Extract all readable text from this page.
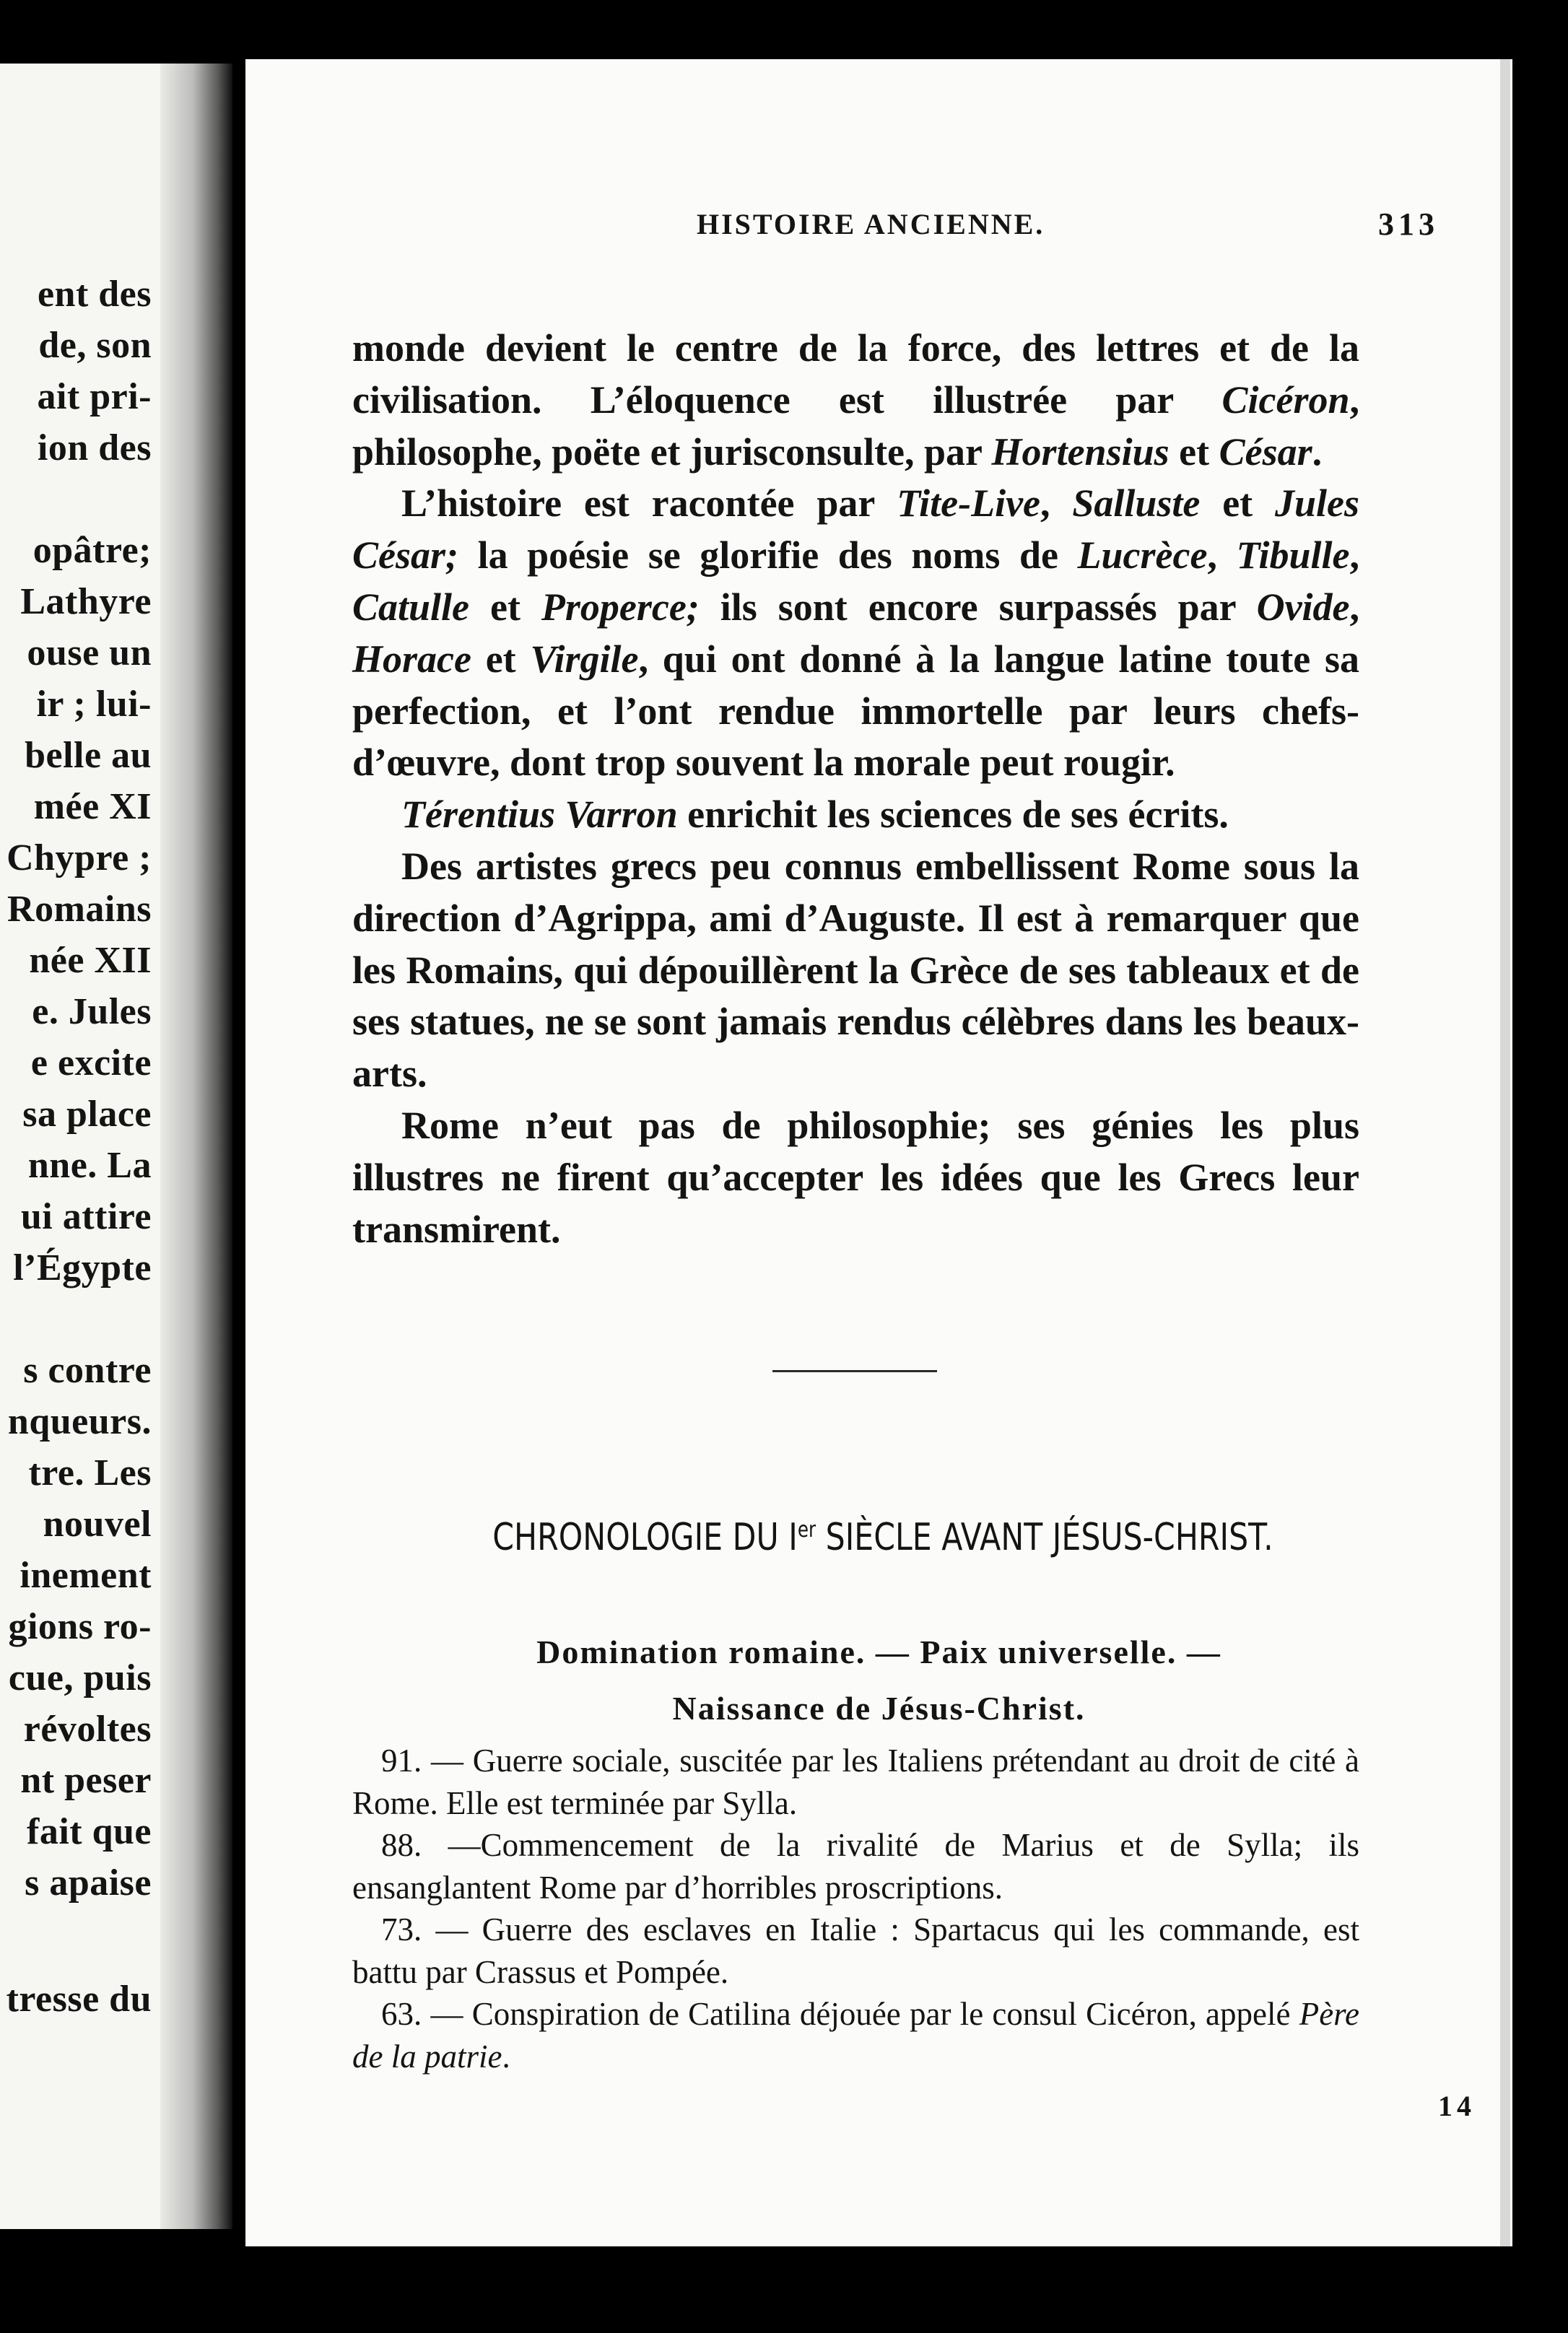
ent des
de, son
ait pri-
ion des
opâtre;
Lathyre
ouse un
ir ; lui-
belle au
mée XI
Chypre ;
Romains
née XII
e. Jules
e excite
sa place
nne. La
ui attire
l’Égypte
s contre
nqueurs.
tre. Les
nouvel
inement
gions ro-
cue, puis
révoltes
nt peser
fait que
s apaise
tresse du
HISTOIRE ANCIENNE.	313

monde devient le centre de la force, des lettres et de la civilisation. L’éloquence est illustrée par Cicéron, philosophe, poëte et jurisconsulte, par Hortensius et César.

L’histoire est racontée par Tite-Live, Salluste et Jules César; la poésie se glorifie des noms de Lucrèce, Tibulle, Catulle et Properce; ils sont encore surpassés par Ovide, Horace et Virgile, qui ont donné à la langue latine toute sa perfection, et l’ont rendue immortelle par leurs chefs-d’œuvre, dont trop souvent la morale peut rougir.

Térentius Varron enrichit les sciences de ses écrits.

Des artistes grecs peu connus embellissent Rome sous la direction d’Agrippa, ami d’Auguste. Il est à remarquer que les Romains, qui dépouillèrent la Grèce de ses tableaux et de ses statues, ne se sont jamais rendus célèbres dans les beaux-arts.

Rome n’eut pas de philosophie; ses génies les plus illustres ne firent qu’accepter les idées que les Grecs leur transmirent.

CHRONOLOGIE DU Ier SIÈCLE AVANT JÉSUS-CHRIST.
Domination romaine. — Paix universelle. —
Naissance de Jésus-Christ.

91. — Guerre sociale, suscitée par les Italiens prétendant au droit de cité à Rome. Elle est terminée par Sylla.

88. —Commencement de la rivalité de Marius et de Sylla; ils ensanglantent Rome par d’horribles proscriptions.

73. — Guerre des esclaves en Italie : Spartacus qui les commande, est battu par Crassus et Pompée.

63. — Conspiration de Catilina déjouée par le consul Cicéron, appelé Père de la patrie.

14
